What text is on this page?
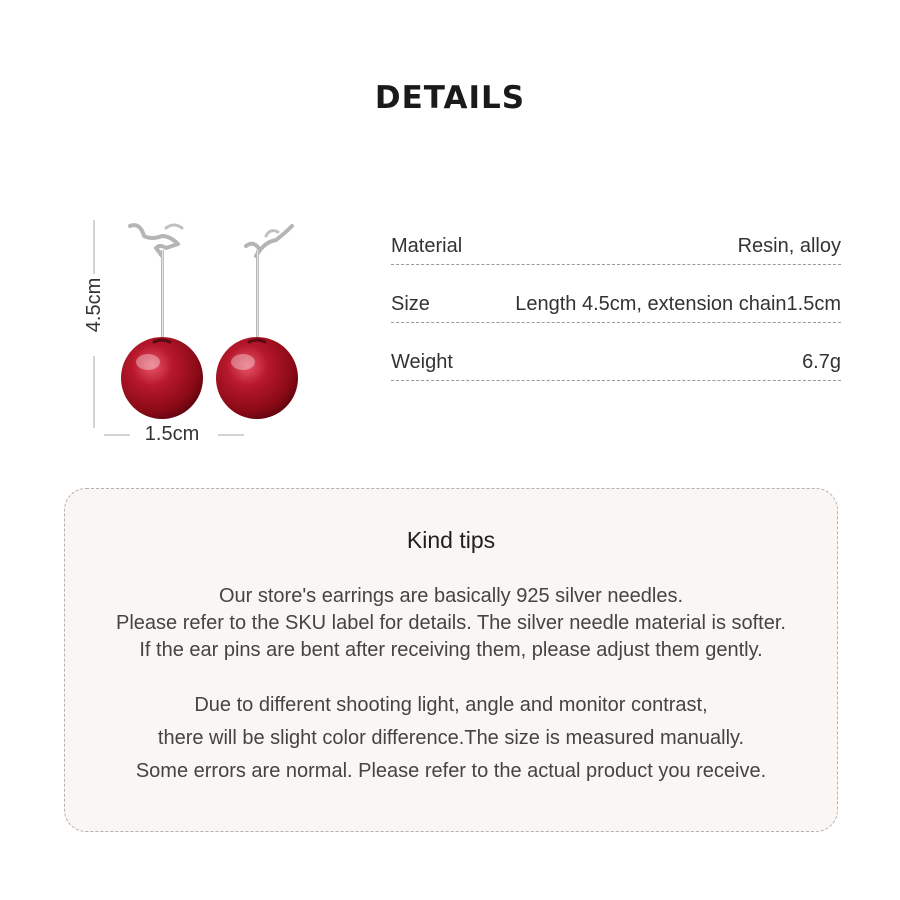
DETAILS
4.5cm
1.5cm
Material	Resin, alloy
Size	Length 4.5cm, extension chain1.5cm
Weight	6.7g
Kind tips
Our store's earrings are basically 925 silver needles.
Please refer to the SKU label for details. The silver needle material is softer.
If the ear pins are bent after receiving them, please adjust them gently.
Due to different shooting light, angle and monitor contrast,
there will be slight color difference.The size is measured manually.
Some errors are normal. Please refer to the actual product you receive.
